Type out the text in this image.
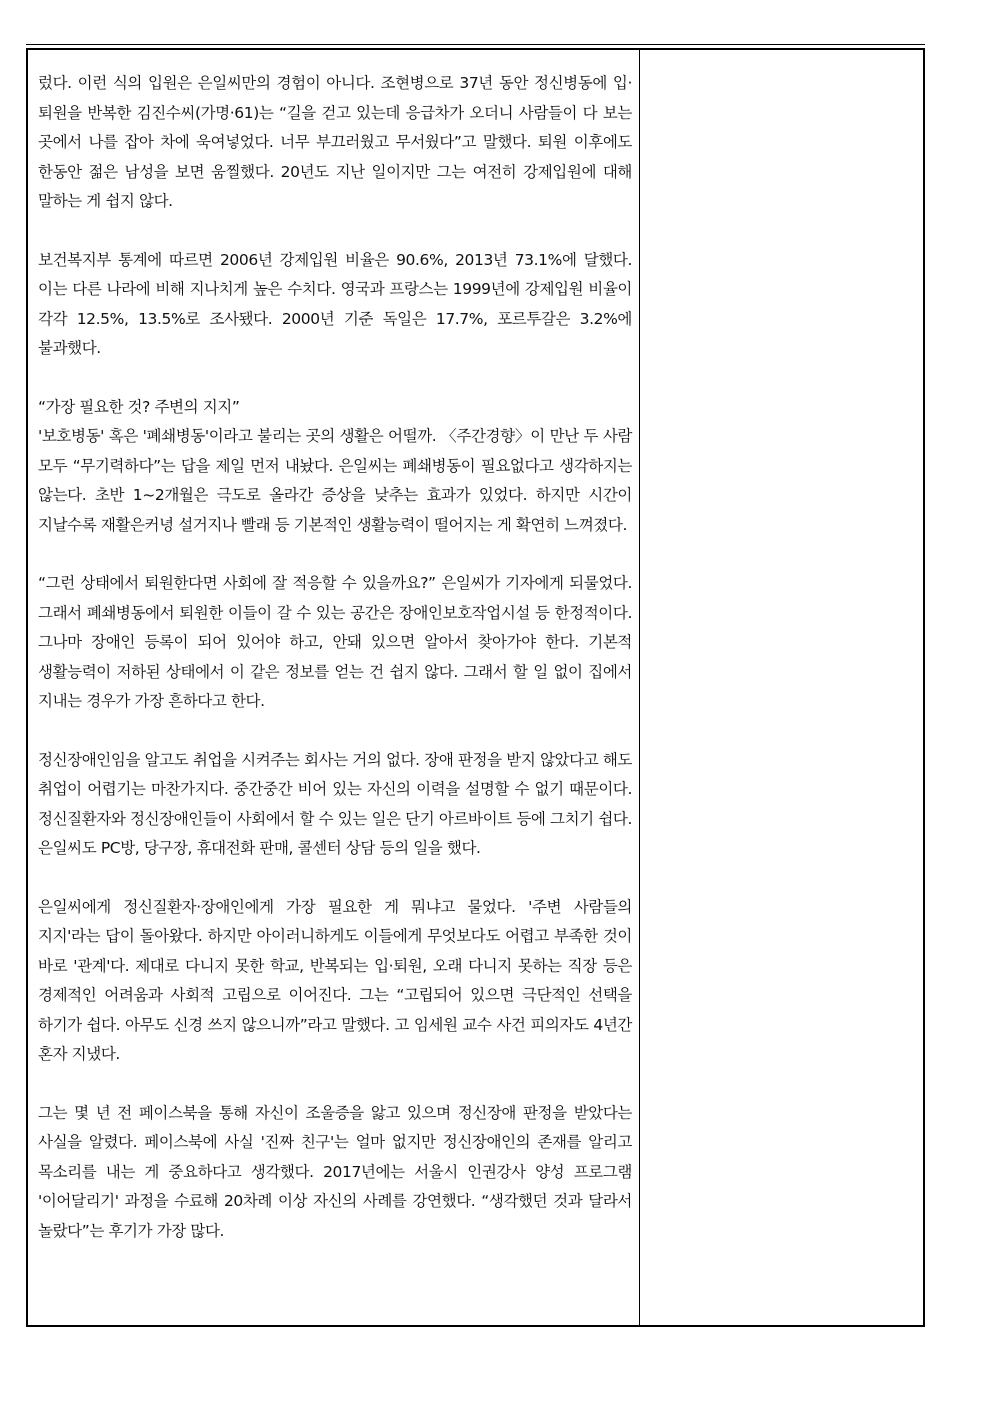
렀다. 이런 식의 입원은 은일씨만의 경험이 아니다. 조현병으로 37년 동안 정신병동에 입·퇴원을 반복한 김진수씨(가명·61)는 “길을 걷고 있는데 응급차가 오더니 사람들이 다 보는 곳에서 나를 잡아 차에 욱여넣었다. 너무 부끄러웠고 무서웠다”고 말했다. 퇴원 이후에도 한동안 젊은 남성을 보면 움찔했다. 20년도 지난 일이지만 그는 여전히 강제입원에 대해 말하는 게 쉽지 않다.

보건복지부 통계에 따르면 2006년 강제입원 비율은 90.6%, 2013년 73.1%에 달했다. 이는 다른 나라에 비해 지나치게 높은 수치다. 영국과 프랑스는 1999년에 강제입원 비율이 각각 12.5%, 13.5%로 조사됐다. 2000년 기준 독일은 17.7%, 포르투갈은 3.2%에 불과했다.

“가장 필요한 것? 주변의 지지”

'보호병동' 혹은 '폐쇄병동'이라고 불리는 곳의 생활은 어떨까. 〈주간경향〉이 만난 두 사람 모두 “무기력하다”는 답을 제일 먼저 내놨다. 은일씨는 폐쇄병동이 필요없다고 생각하지는 않는다. 초반 1~2개월은 극도로 올라간 증상을 낮추는 효과가 있었다. 하지만 시간이 지날수록 재활은커녕 설거지나 빨래 등 기본적인 생활능력이 떨어지는 게 확연히 느껴졌다.

“그런 상태에서 퇴원한다면 사회에 잘 적응할 수 있을까요?” 은일씨가 기자에게 되물었다. 그래서 폐쇄병동에서 퇴원한 이들이 갈 수 있는 공간은 장애인보호작업시설 등 한정적이다. 그나마 장애인 등록이 되어 있어야 하고, 안돼 있으면 알아서 찾아가야 한다. 기본적 생활능력이 저하된 상태에서 이 같은 정보를 얻는 건 쉽지 않다. 그래서 할 일 없이 집에서 지내는 경우가 가장 흔하다고 한다.

정신장애인임을 알고도 취업을 시켜주는 회사는 거의 없다. 장애 판정을 받지 않았다고 해도 취업이 어렵기는 마찬가지다. 중간중간 비어 있는 자신의 이력을 설명할 수 없기 때문이다. 정신질환자와 정신장애인들이 사회에서 할 수 있는 일은 단기 아르바이트 등에 그치기 쉽다. 은일씨도 PC방, 당구장, 휴대전화 판매, 콜센터 상담 등의 일을 했다.

은일씨에게 정신질환자·장애인에게 가장 필요한 게 뭐냐고 물었다. '주변 사람들의 지지'라는 답이 돌아왔다. 하지만 아이러니하게도 이들에게 무엇보다도 어렵고 부족한 것이 바로 '관계'다. 제대로 다니지 못한 학교, 반복되는 입·퇴원, 오래 다니지 못하는 직장 등은 경제적인 어려움과 사회적 고립으로 이어진다. 그는 “고립되어 있으면 극단적인 선택을 하기가 쉽다. 아무도 신경 쓰지 않으니까”라고 말했다. 고 임세원 교수 사건 피의자도 4년간 혼자 지냈다.

그는 몇 년 전 페이스북을 통해 자신이 조울증을 앓고 있으며 정신장애 판정을 받았다는 사실을 알렸다. 페이스북에 사실 '진짜 친구'는 얼마 없지만 정신장애인의 존재를 알리고 목소리를 내는 게 중요하다고 생각했다. 2017년에는 서울시 인권강사 양성 프로그램 '이어달리기' 과정을 수료해 20차례 이상 자신의 사례를 강연했다. “생각했던 것과 달라서 놀랐다”는 후기가 가장 많다.
